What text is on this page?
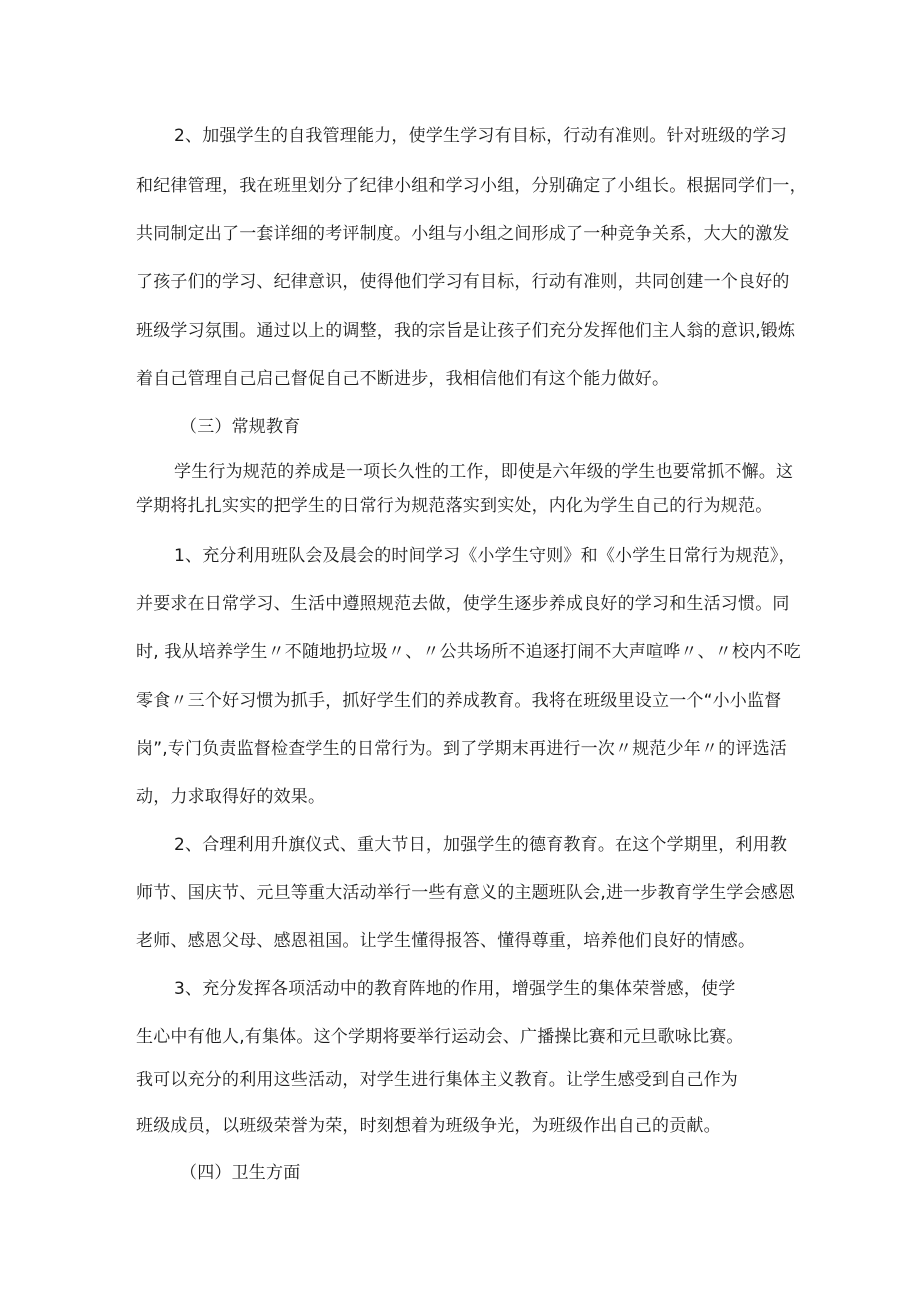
2、加强学生的自我管理能力，使学生学习有目标，行动有准则。针对班级的学习
和纪律管理，我在班里划分了纪律小组和学习小组，分别确定了小组长。根据同学们一，
共同制定出了一套详细的考评制度。小组与小组之间形成了一种竞争关系，大大的激发
了孩子们的学习、纪律意识，使得他们学习有目标，行动有准则，共同创建一个良好的
班级学习氛围。通过以上的调整，我的宗旨是让孩子们充分发挥他们主人翁的意识,锻炼
着自己管理自己启己督促自己不断进步，我相信他们有这个能力做好。
（三）常规教育
学生行为规范的养成是一项长久性的工作，即使是六年级的学生也要常抓不懈。这
学期将扎扎实实的把学生的日常行为规范落实到实处，内化为学生自己的行为规范。
1、充分利用班队会及晨会的时间学习《小学生守则》和《小学生日常行为规范》，
并要求在日常学习、生活中遵照规范去做，使学生逐步养成良好的学习和生活习惯。同
时, 我从培养学生〃不随地扔垃圾〃、〃公共场所不追逐打闹不大声喧哗〃、〃校内不吃
零食〃三个好习惯为抓手，抓好学生们的养成教育。我将在班级里设立一个“小小监督
岗”,专门负责监督检查学生的日常行为。到了学期末再进行一次〃规范少年〃的评选活
动，力求取得好的效果。
2、合理利用升旗仪式、重大节日，加强学生的德育教育。在这个学期里，利用教
师节、国庆节、元旦等重大活动举行一些有意义的主题班队会,进一步教育学生学会感恩
老师、感恩父母、感恩祖国。让学生懂得报答、懂得尊重，培养他们良好的情感。
3、充分发挥各项活动中的教育阵地的作用，增强学生的集体荣誉感，使学
生心中有他人,有集体。这个学期将要举行运动会、广播操比赛和元旦歌咏比赛。
我可以充分的利用这些活动，对学生进行集体主义教育。让学生感受到自己作为
班级成员，以班级荣誉为荣，时刻想着为班级争光，为班级作出自己的贡献。
（四）卫生方面
